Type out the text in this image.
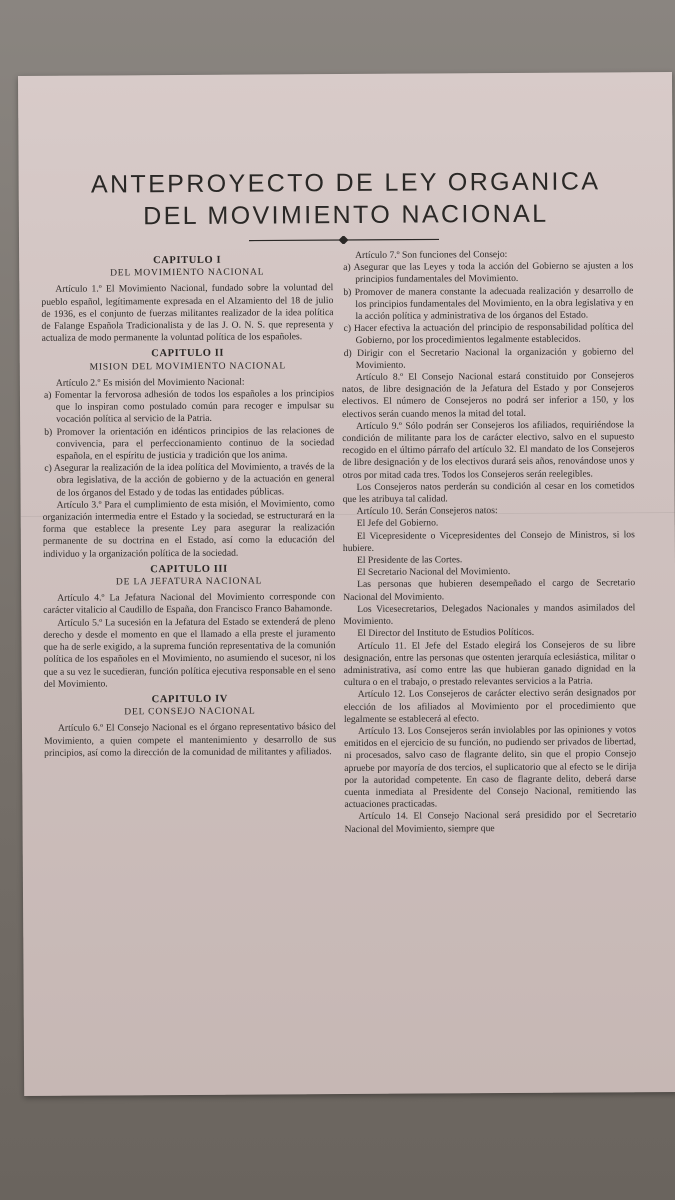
ANTEPROYECTO DE LEY ORGANICA
DEL MOVIMIENTO NACIONAL
CAPITULO I
DEL MOVIMIENTO NACIONAL

Artículo 1.º El Movimiento Nacional, fundado sobre la voluntad del pueblo español, legítimamente expresada en el Alzamiento del 18 de julio de 1936, es el conjunto de fuerzas militantes realizador de la idea política de Falange Española Tradicionalista y de las J. O. N. S. que representa y actualiza de modo permanente la voluntad política de los españoles.

CAPITULO II
MISION DEL MOVIMIENTO NACIONAL

Artículo 2.º Es misión del Movimiento Nacional:

a) Fomentar la fervorosa adhesión de todos los españoles a los principios que lo inspiran como postulado común para recoger e impulsar su vocación política al servicio de la Patria.

b) Promover la orientación en idénticos principios de las relaciones de convivencia, para el perfeccionamiento continuo de la sociedad española, en el espíritu de justicia y tradición que los anima.

c) Asegurar la realización de la idea política del Movimiento, a través de la obra legislativa, de la acción de gobierno y de la actuación en general de los órganos del Estado y de todas las entidades públicas.

Artículo 3.º Para el cumplimiento de esta misión, el Movimiento, como organización intermedia entre el Estado y la sociedad, se estructurará en la forma que establece la presente Ley para asegurar la realización permanente de su doctrina en el Estado, así como la educación del individuo y la organización política de la sociedad.

CAPITULO III
DE LA JEFATURA NACIONAL

Artículo 4.º La Jefatura Nacional del Movimiento corresponde con carácter vitalicio al Caudillo de España, don Francisco Franco Bahamonde.

Artículo 5.º La sucesión en la Jefatura del Estado se extenderá de pleno derecho y desde el momento en que el llamado a ella preste el juramento que ha de serle exigido, a la suprema función representativa de la comunión política de los españoles en el Movimiento, no asumiendo el sucesor, ni los que a su vez le sucedieran, función política ejecutiva responsable en el seno del Movimiento.

CAPITULO IV
DEL CONSEJO NACIONAL

Artículo 6.º El Consejo Nacional es el órgano representativo básico del Movimiento, a quien compete el mantenimiento y desarrollo de sus principios, así como la dirección de la comunidad de militantes y afiliados.

Artículo 7.º Son funciones del Consejo:

a) Asegurar que las Leyes y toda la acción del Gobierno se ajusten a los principios fundamentales del Movimiento.

b) Promover de manera constante la adecuada realización y desarrollo de los principios fundamentales del Movimiento, en la obra legislativa y en la acción política y administrativa de los órganos del Estado.

c) Hacer efectiva la actuación del principio de responsabilidad política del Gobierno, por los procedimientos legalmente establecidos.

d) Dirigir con el Secretario Nacional la organización y gobierno del Movimiento.

Artículo 8.º El Consejo Nacional estará constituido por Consejeros natos, de libre designación de la Jefatura del Estado y por Consejeros electivos. El número de Consejeros no podrá ser inferior a 150, y los electivos serán cuando menos la mitad del total.

Artículo 9.º Sólo podrán ser Consejeros los afiliados, requiriéndose la condición de militante para los de carácter electivo, salvo en el supuesto recogido en el último párrafo del artículo 32. El mandato de los Consejeros de libre designación y de los electivos durará seis años, renovándose unos y otros por mitad cada tres. Todos los Consejeros serán reelegibles.

Los Consejeros natos perderán su condición al cesar en los cometidos que les atribuya tal calidad.

Artículo 10. Serán Consejeros natos:

El Jefe del Gobierno.

El Vicepresidente o Vicepresidentes del Consejo de Ministros, si los hubiere.

El Presidente de las Cortes.

El Secretario Nacional del Movimiento.

Las personas que hubieren desempeñado el cargo de Secretario Nacional del Movimiento.

Los Vicesecretarios, Delegados Nacionales y mandos asimilados del Movimiento.

El Director del Instituto de Estudios Políticos.

Artículo 11. El Jefe del Estado elegirá los Consejeros de su libre designación, entre las personas que ostenten jerarquía eclesiástica, militar o administrativa, así como entre las que hubieran ganado dignidad en la cultura o en el trabajo, o prestado relevantes servicios a la Patria.

Artículo 12. Los Consejeros de carácter electivo serán designados por elección de los afiliados al Movimiento por el procedimiento que legalmente se establecerá al efecto.

Artículo 13. Los Consejeros serán inviolables por las opiniones y votos emitidos en el ejercicio de su función, no pudiendo ser privados de libertad, ni procesados, salvo caso de flagrante delito, sin que el propio Consejo apruebe por mayoría de dos tercios, el suplicatorio que al efecto se le dirija por la autoridad competente. En caso de flagrante delito, deberá darse cuenta inmediata al Presidente del Consejo Nacional, remitiendo las actuaciones practicadas.

Artículo 14. El Consejo Nacional será presidido por el Secretario Nacional del Movimiento, siempre que
